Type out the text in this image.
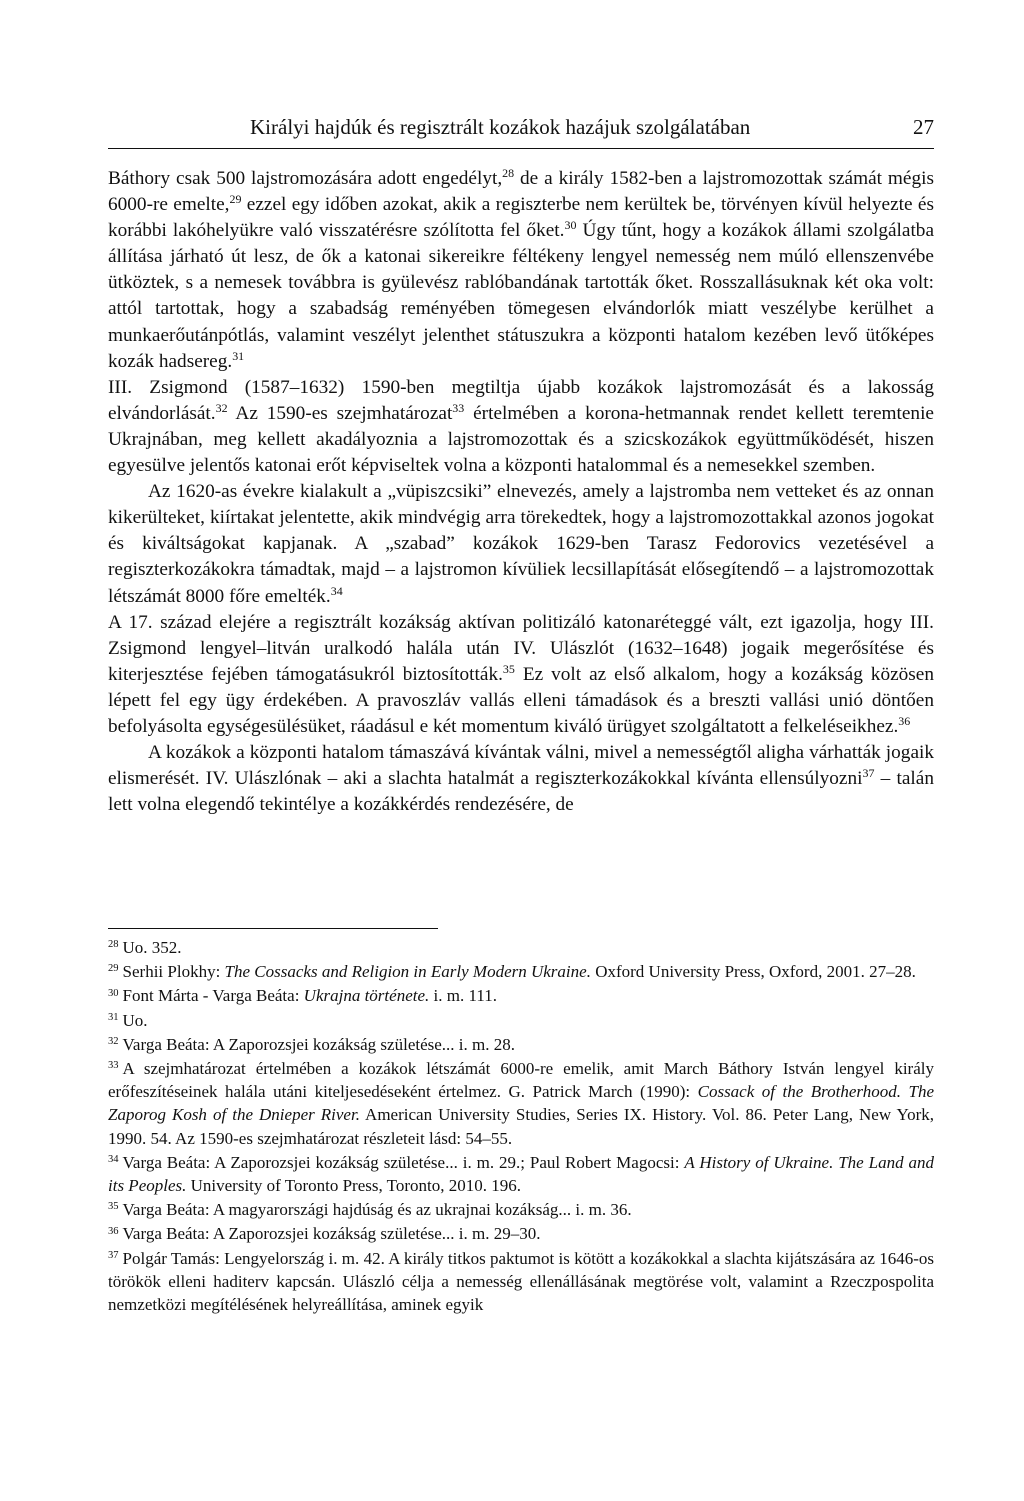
Királyi hajdúk és regisztrált kozákok hazájuk szolgálatában	27

Báthory csak 500 lajstromozására adott engedélyt,$^{28}$ de a király 1582-ben a lajstromozottak számát mégis 6000-re emelte,$^{29}$ ezzel egy időben azokat, akik a regiszterbe nem kerültek be, törvényen kívül helyezte és korábbi lakóhelyükre való visszatérésre szólította fel őket.$^{30}$ Úgy tűnt, hogy a kozákok állami szolgálatba állítása járható út lesz, de ők a katonai sikereikre féltékeny lengyel nemesség nem múló ellenszenvébe ütköztek, s a nemesek továbbra is gyülevész rablóbandának tartották őket. Rosszallásuknak két oka volt: attól tartottak, hogy a szabadság reményében tömegesen elvándorlók miatt veszélybe kerülhet a munkaerőutánpótlás, valamint veszélyt jelenthet státuszukra a központi hatalom kezében levő ütőképes kozák hadsereg.$^{31}$

III. Zsigmond (1587–1632) 1590-ben megtiltja újabb kozákok lajstromozását és a lakosság elvándorlását.$^{32}$ Az 1590-es szejmhatározat$^{33}$ értelmében a korona-hetmannak rendet kellett teremtenie Ukrajnában, meg kellett akadályoznia a lajstromozottak és a szicskozákok együttműködését, hiszen egyesülve jelentős katonai erőt képviseltek volna a központi hatalommal és a nemesekkel szemben.

Az 1620-as évekre kialakult a „vüpiszcsiki” elnevezés, amely a lajstromba nem vetteket és az onnan kikerülteket, kiírtakat jelentette, akik mindvégig arra törekedtek, hogy a lajstromozottakkal azonos jogokat és kiváltságokat kapjanak. A „szabad” kozákok 1629-ben Tarasz Fedorovics vezetésével a regiszterkozákokra támadtak, majd – a lajstromon kívüliek lecsillapítását elősegítendő – a lajstromozottak létszámát 8000 főre emelték.$^{34}$

A 17. század elejére a regisztrált kozákság aktívan politizáló katonaréteggé vált, ezt igazolja, hogy III. Zsigmond lengyel–litván uralkodó halála után IV. Ulászlót (1632–1648) jogaik megerősítése és kiterjesztése fejében támogatásukról biztosították.$^{35}$ Ez volt az első alkalom, hogy a kozákság közösen lépett fel egy ügy érdekében. A pravoszláv vallás elleni támadások és a breszti vallási unió döntően befolyásolta egységesülésüket, ráadásul e két momentum kiváló ürügyet szolgáltatott a felkeléseikhez.$^{36}$

A kozákok a központi hatalom támaszává kívántak válni, mivel a nemességtől aligha várhatták jogaik elismerését. IV. Ulászlónak – aki a slachta hatalmát a regiszterkozákokkal kívánta ellensúlyozni$^{37}$ – talán lett volna elegendő tekintélye a kozákkérdés rendezésére, de

$^{28}$ Uo. 352.

$^{29}$ Serhii Plokhy: The Cossacks and Religion in Early Modern Ukraine. Oxford University Press, Oxford, 2001. 27–28.

$^{30}$ Font Márta - Varga Beáta: Ukrajna története. i. m. 111.

$^{31}$ Uo.

$^{32}$ Varga Beáta: A Zaporozsjei kozákság születése... i. m. 28.

$^{33}$ A szejmhatározat értelmében a kozákok létszámát 6000-re emelik, amit March Báthory István lengyel király erőfeszítéseinek halála utáni kiteljesedéseként értelmez. G. Patrick March (1990): Cossack of the Brotherhood. The Zaporog Kosh of the Dnieper River. American University Studies, Series IX. History. Vol. 86. Peter Lang, New York, 1990. 54. Az 1590-es szejmhatározat részleteit lásd: 54–55.

$^{34}$ Varga Beáta: A Zaporozsjei kozákság születése... i. m. 29.; Paul Robert Magocsi: A History of Ukraine. The Land and its Peoples. University of Toronto Press, Toronto, 2010. 196.

$^{35}$ Varga Beáta: A magyarországi hajdúság és az ukrajnai kozákság... i. m. 36.

$^{36}$ Varga Beáta: A Zaporozsjei kozákság születése... i. m. 29–30.

$^{37}$ Polgár Tamás: Lengyelország i. m. 42. A király titkos paktumot is kötött a kozákokkal a slachta kijátszására az 1646-os törökök elleni haditerv kapcsán. Ulászló célja a nemesség ellenállásának megtörése volt, valamint a Rzeczpospolita nemzetközi megítélésének helyreállítása, aminek egyik
